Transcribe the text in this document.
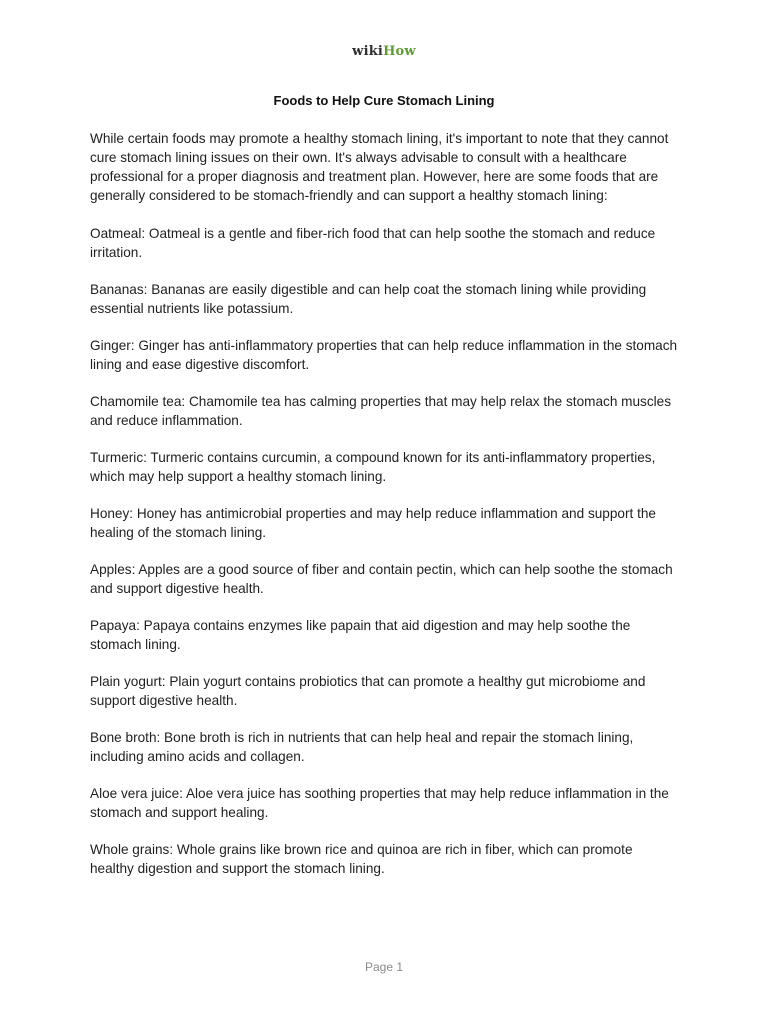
wikiHow
Foods to Help Cure Stomach Lining

While certain foods may promote a healthy stomach lining, it's important to note that they cannot cure stomach lining issues on their own. It's always advisable to consult with a healthcare professional for a proper diagnosis and treatment plan. However, here are some foods that are generally considered to be stomach-friendly and can support a healthy stomach lining:

Oatmeal: Oatmeal is a gentle and fiber-rich food that can help soothe the stomach and reduce irritation.

Bananas: Bananas are easily digestible and can help coat the stomach lining while providing essential nutrients like potassium.

Ginger: Ginger has anti-inflammatory properties that can help reduce inflammation in the stomach lining and ease digestive discomfort.

Chamomile tea: Chamomile tea has calming properties that may help relax the stomach muscles and reduce inflammation.

Turmeric: Turmeric contains curcumin, a compound known for its anti-inflammatory properties, which may help support a healthy stomach lining.

Honey: Honey has antimicrobial properties and may help reduce inflammation and support the healing of the stomach lining.

Apples: Apples are a good source of fiber and contain pectin, which can help soothe the stomach and support digestive health.

Papaya: Papaya contains enzymes like papain that aid digestion and may help soothe the stomach lining.

Plain yogurt: Plain yogurt contains probiotics that can promote a healthy gut microbiome and support digestive health.

Bone broth: Bone broth is rich in nutrients that can help heal and repair the stomach lining, including amino acids and collagen.

Aloe vera juice: Aloe vera juice has soothing properties that may help reduce inflammation in the stomach and support healing.

Whole grains: Whole grains like brown rice and quinoa are rich in fiber, which can promote healthy digestion and support the stomach lining.

Page 1
